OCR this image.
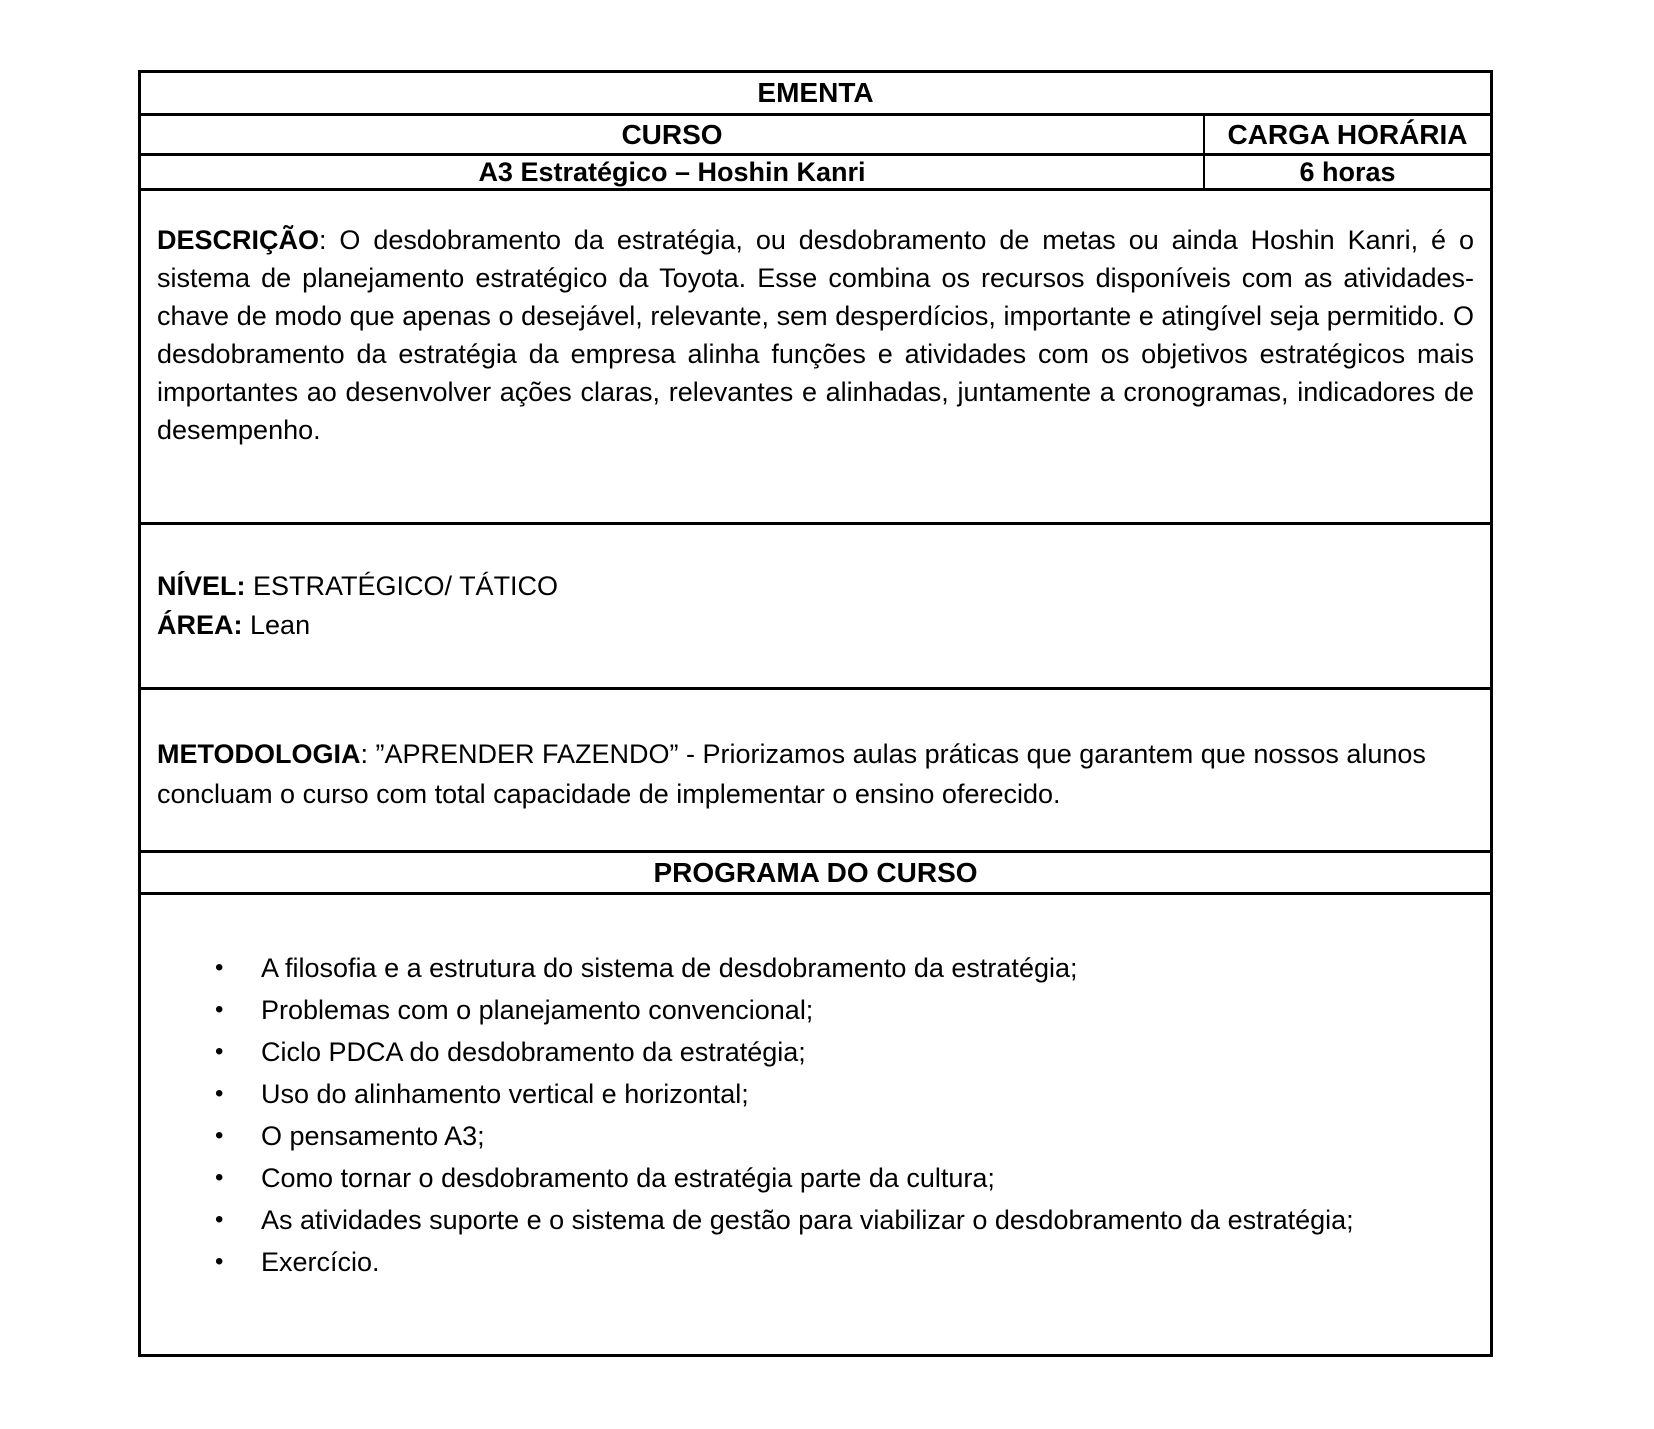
EMENTA
CURSO	CARGA HORÁRIA
A3 Estratégico – Hoshin Kanri	6 horas

DESCRIÇÃO: O desdobramento da estratégia, ou desdobramento de metas ou ainda Hoshin Kanri, é o sistema de planejamento estratégico da Toyota. Esse combina os recursos disponíveis com as atividades-chave de modo que apenas o desejável, relevante, sem desperdícios, importante e atingível seja permitido. O desdobramento da estratégia da empresa alinha funções e atividades com os objetivos estratégicos mais importantes ao desenvolver ações claras, relevantes e alinhadas, juntamente a cronogramas, indicadores de desempenho.

NÍVEL: ESTRATÉGICO/ TÁTICO

ÁREA: Lean

METODOLOGIA: ”APRENDER FAZENDO” - Priorizamos aulas práticas que garantem que nossos alunos concluam o curso com total capacidade de implementar o ensino oferecido.

PROGRAMA DO CURSO
•	A filosofia e a estrutura do sistema de desdobramento da estratégia;
•	Problemas com o planejamento convencional;
•	Ciclo PDCA do desdobramento da estratégia;
•	Uso do alinhamento vertical e horizontal;
•	O pensamento A3;
•	Como tornar o desdobramento da estratégia parte da cultura;
•	As atividades suporte e o sistema de gestão para viabilizar o desdobramento da estratégia;
•	Exercício.
